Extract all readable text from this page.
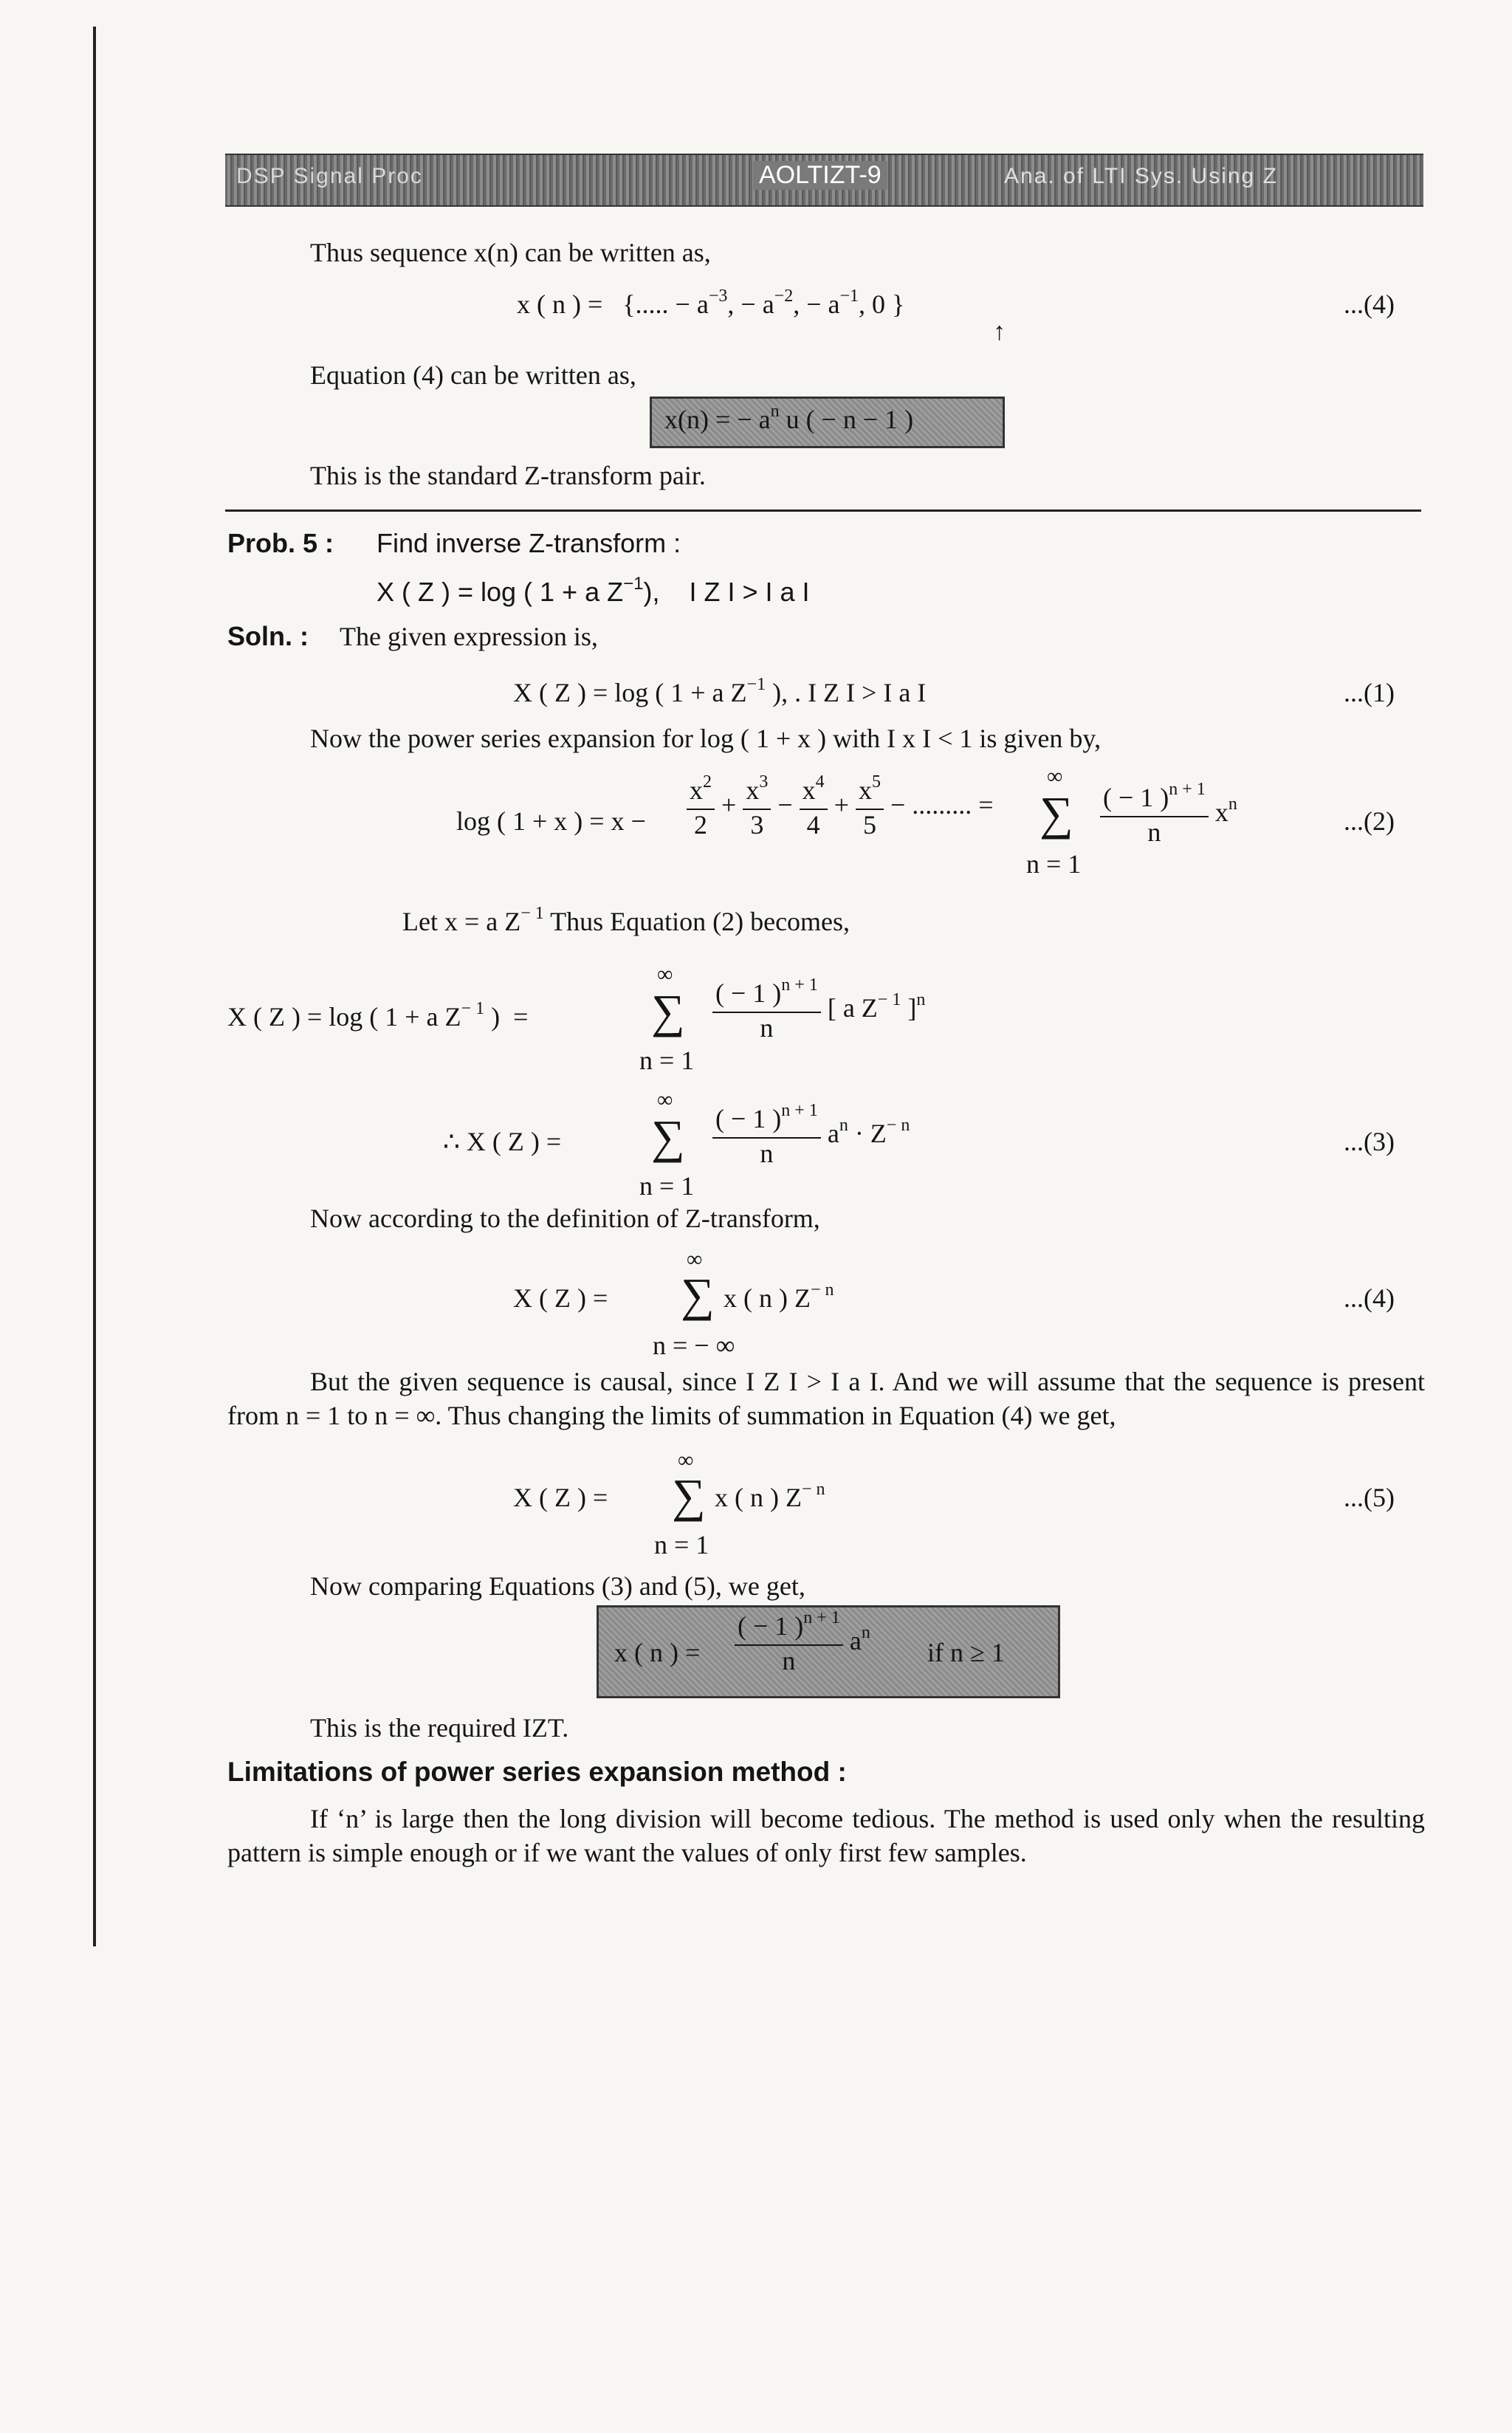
DSP Signal Proc	AOLTIZT-9	Ana. of LTI Sys. Using Z
Thus sequence x(n) can be written as,
x ( n ) = {..... − $a^{-3}$, − $a^{-2}$, − $a^{-1}$, 0 }
↑
...(4)
Equation (4) can be written as,
x(n) = − $a^n$ u ( − n − 1 )
This is the standard Z-transform pair.
Prob. 5 : Find inverse Z-transform :
X ( Z ) = log ( 1 + a $Z^{-1}$),    I Z I > I a I
Soln. : The given expression is,
X ( Z ) = log ( 1 + a $Z^{-1}$ ), . I Z I > I a I	...(1)
Now the power series expansion for log ( 1 + x ) with I x I < 1 is given by,
log ( 1 + x ) = $x - \frac{x^2}{2} + \frac{x^3}{3} - \frac{x^4}{4} + \frac{x^5}{5}$ − ......... =
∞
∑
n = 1
$\frac{( - 1 )^{n + 1}}{n} x^n$
...(2)
Let x = a $Z^{- 1}$ Thus Equation (2) becomes,
X ( Z ) = log ( 1 + a $Z^{- 1}$ )  =
∞
∑
n = 1
$\frac{( - 1 )^{n + 1}}{n}$ [ a $Z^{- 1}$ ]$^n$
∴ X ( Z ) =
∞
∑
n = 1
$\frac{( - 1 )^{n + 1}}{n} a^n \cdot Z^{- n}$
...(3)
Now according to the definition of Z-transform,
X ( Z ) =
∞
∑
n = − ∞
x ( n ) $Z^{- n}$	...(4)
But the given sequence is causal, since I Z I > I a I. And we will assume that the sequence is present from n = 1 to n = ∞. Thus changing the limits of summation in Equation (4) we get,
X ( Z ) =
∞
∑
n = 1
x ( n ) $Z^{- n}$	...(5)
Now comparing Equations (3) and (5), we get,
x ( n ) = $\frac{( - 1 )^{n + 1}}{n} a^n$
if n ≥ 1
This is the required IZT.
Limitations of power series expansion method :
If ‘n’ is large then the long division will become tedious. The method is used only when the resulting pattern is simple enough or if we want the values of only first few samples.
